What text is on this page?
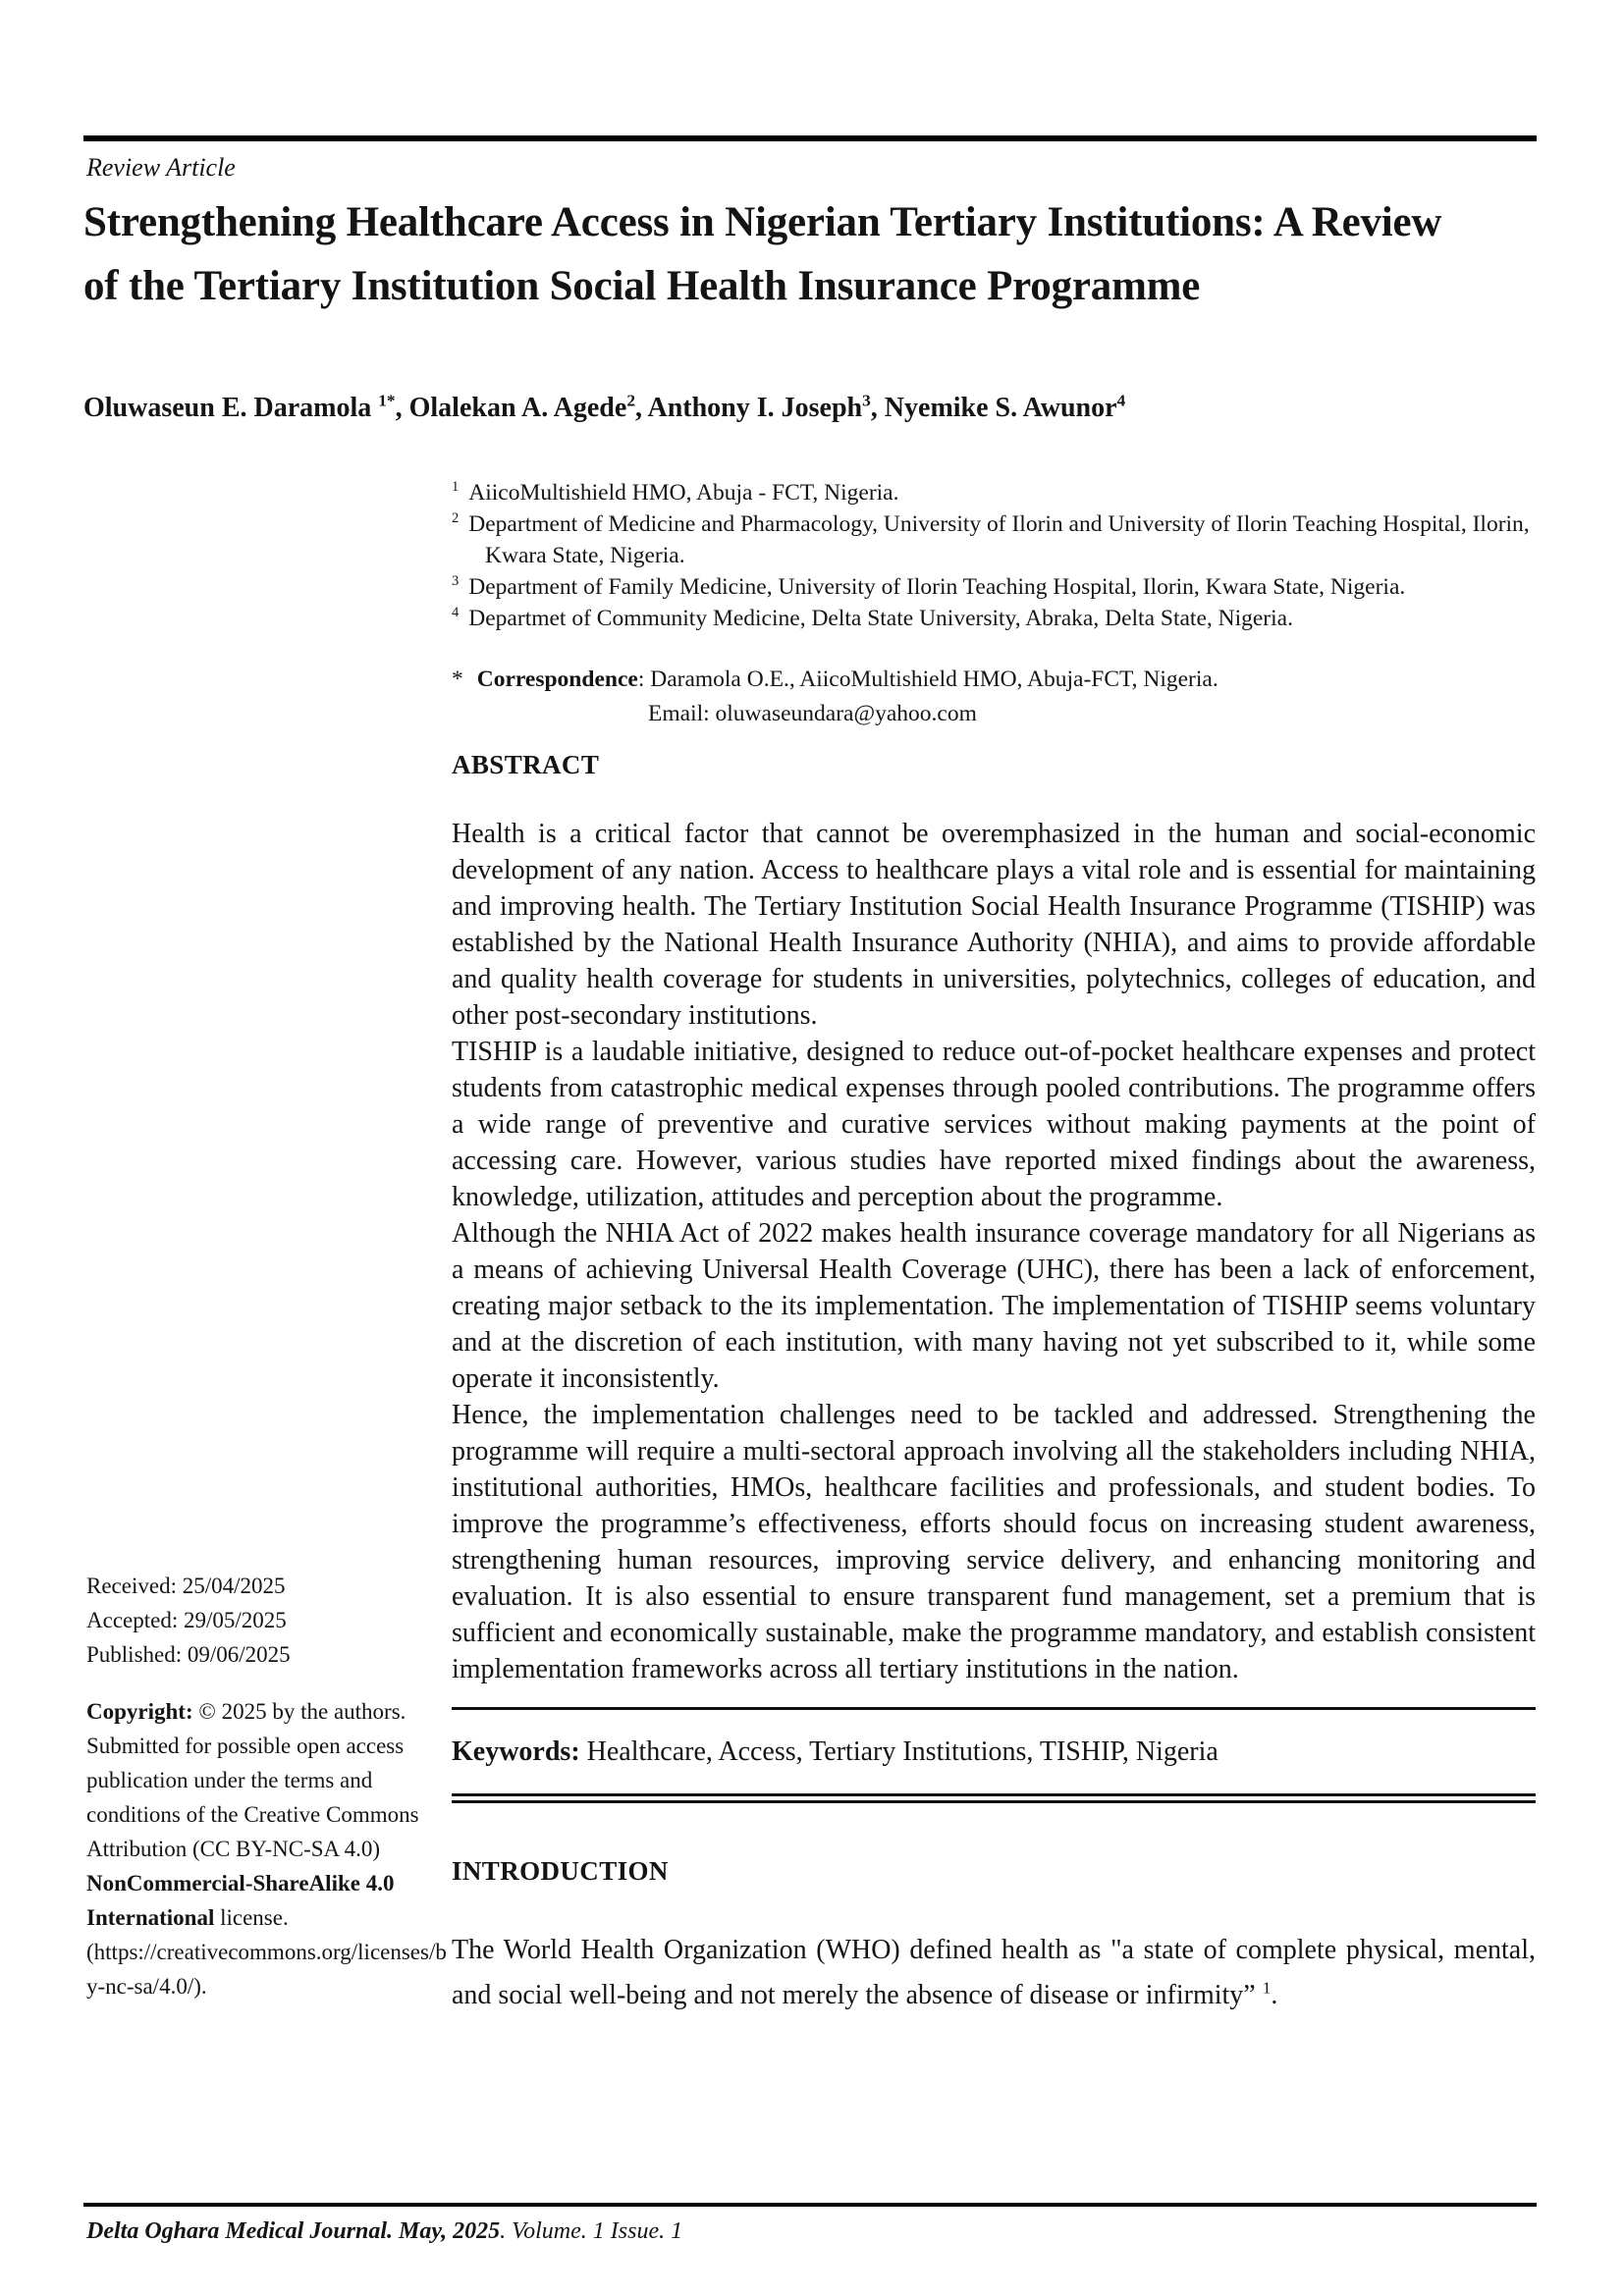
Review Article
Strengthening Healthcare Access in Nigerian Tertiary Institutions: A Review of the Tertiary Institution Social Health Insurance Programme
Oluwaseun E. Daramola $^{1*}$, Olalekan A. Agede$^2$, Anthony I. Joseph$^3$, Nyemike S. Awunor$^4$
$^1$ AiicoMultishield HMO, Abuja - FCT, Nigeria.
$^2$ Department of Medicine and Pharmacology, University of Ilorin and University of Ilorin Teaching Hospital, Ilorin, Kwara State, Nigeria.
$^3$ Department of Family Medicine, University of Ilorin Teaching Hospital, Ilorin, Kwara State, Nigeria.
$^4$ Departmet of Community Medicine, Delta State University, Abraka, Delta State, Nigeria.
* Correspondence: Daramola O.E., AiicoMultishield HMO, Abuja-FCT, Nigeria.
Email: oluwaseundara@yahoo.com
Received: 25/04/2025
Accepted: 29/05/2025
Published: 09/06/2025

Copyright: © 2025 by the authors. Submitted for possible open access publication under the terms and conditions of the Creative Commons Attribution (CC BY-NC-SA 4.0) NonCommercial-ShareAlike 4.0 International license. (https://creativecommons.org/licenses/by-nc-sa/4.0/).

ABSTRACT

Health is a critical factor that cannot be overemphasized in the human and social-economic development of any nation. Access to healthcare plays a vital role and is essential for maintaining and improving health. The Tertiary Institution Social Health Insurance Programme (TISHIP) was established by the National Health Insurance Authority (NHIA), and aims to provide affordable and quality health coverage for students in universities, polytechnics, colleges of education, and other post-secondary institutions.

TISHIP is a laudable initiative, designed to reduce out-of-pocket healthcare expenses and protect students from catastrophic medical expenses through pooled contributions. The programme offers a wide range of preventive and curative services without making payments at the point of accessing care. However, various studies have reported mixed findings about the awareness, knowledge, utilization, attitudes and perception about the programme.

Although the NHIA Act of 2022 makes health insurance coverage mandatory for all Nigerians as a means of achieving Universal Health Coverage (UHC), there has been a lack of enforcement, creating major setback to the its implementation. The implementation of TISHIP seems voluntary and at the discretion of each institution, with many having not yet subscribed to it, while some operate it inconsistently.

Hence, the implementation challenges need to be tackled and addressed. Strengthening the programme will require a multi-sectoral approach involving all the stakeholders including NHIA, institutional authorities, HMOs, healthcare facilities and professionals, and student bodies. To improve the programme’s effectiveness, efforts should focus on increasing student awareness, strengthening human resources, improving service delivery, and enhancing monitoring and evaluation. It is also essential to ensure transparent fund management, set a premium that is sufficient and economically sustainable, make the programme mandatory, and establish consistent implementation frameworks across all tertiary institutions in the nation.

Keywords: Healthcare, Access, Tertiary Institutions, TISHIP, Nigeria

INTRODUCTION

The World Health Organization (WHO) defined health as "a state of complete physical, mental, and social well-being and not merely the absence of disease or infirmity” $^1$.

Delta Oghara Medical Journal. May, 2025. Volume. 1 Issue. 1
